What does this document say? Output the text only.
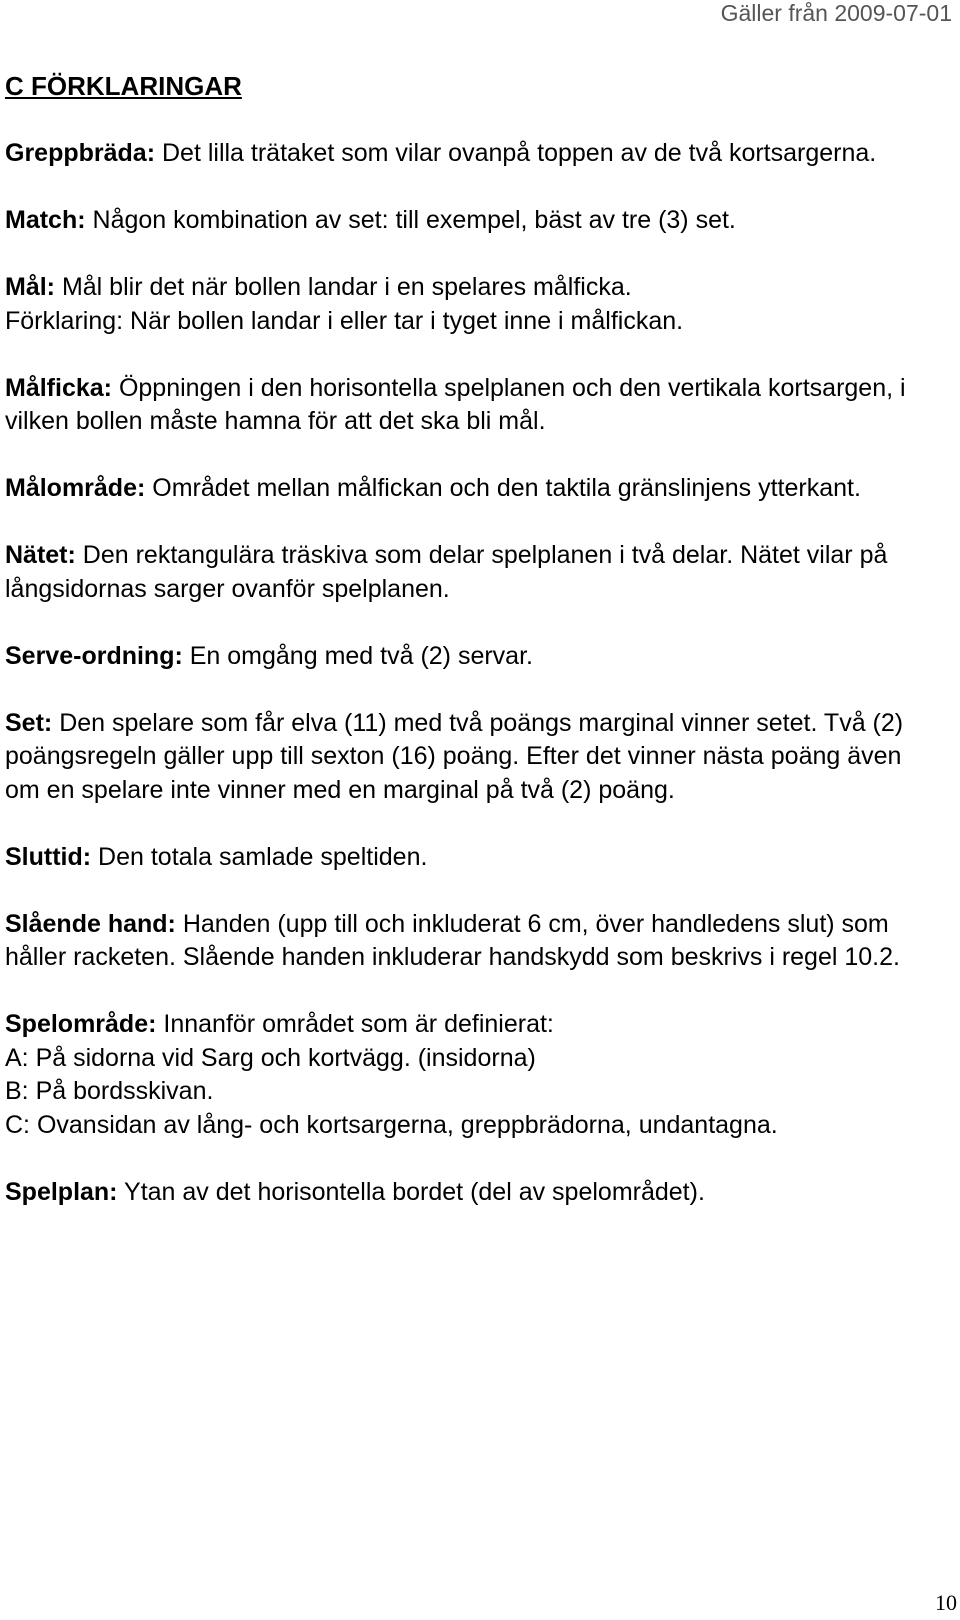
Gäller från 2009-07-01
C FÖRKLARINGAR

Greppbräda: Det lilla trätaket som vilar ovanpå toppen av de två kortsargerna.

Match: Någon kombination av set: till exempel, bäst av tre (3) set.

Mål: Mål blir det när bollen landar i en spelares målficka.
Förklaring: När bollen landar i eller tar i tyget inne i målfickan.

Målficka: Öppningen i den horisontella spelplanen och den vertikala kortsargen, i vilken bollen måste hamna för att det ska bli mål.

Målområde: Området mellan målfickan och den taktila gränslinjens ytterkant.

Nätet: Den rektangulära träskiva som delar spelplanen i två delar. Nätet vilar på långsidornas sarger ovanför spelplanen.

Serve-ordning: En omgång med två (2) servar.

Set: Den spelare som får elva (11) med två poängs marginal vinner setet. Två (2) poängsregeln gäller upp till sexton (16) poäng. Efter det vinner nästa poäng även om en spelare inte vinner med en marginal på två (2) poäng.

Sluttid: Den totala samlade speltiden.

Slående hand: Handen (upp till och inkluderat 6 cm, över handledens slut) som håller racketen. Slående handen inkluderar handskydd som beskrivs i regel 10.2.

Spelområde: Innanför området som är definierat:
A: På sidorna vid Sarg och kortvägg. (insidorna)
B: På bordsskivan.
C: Ovansidan av lång- och kortsargerna, greppbrädorna, undantagna.

Spelplan: Ytan av det horisontella bordet (del av spelområdet).

10
